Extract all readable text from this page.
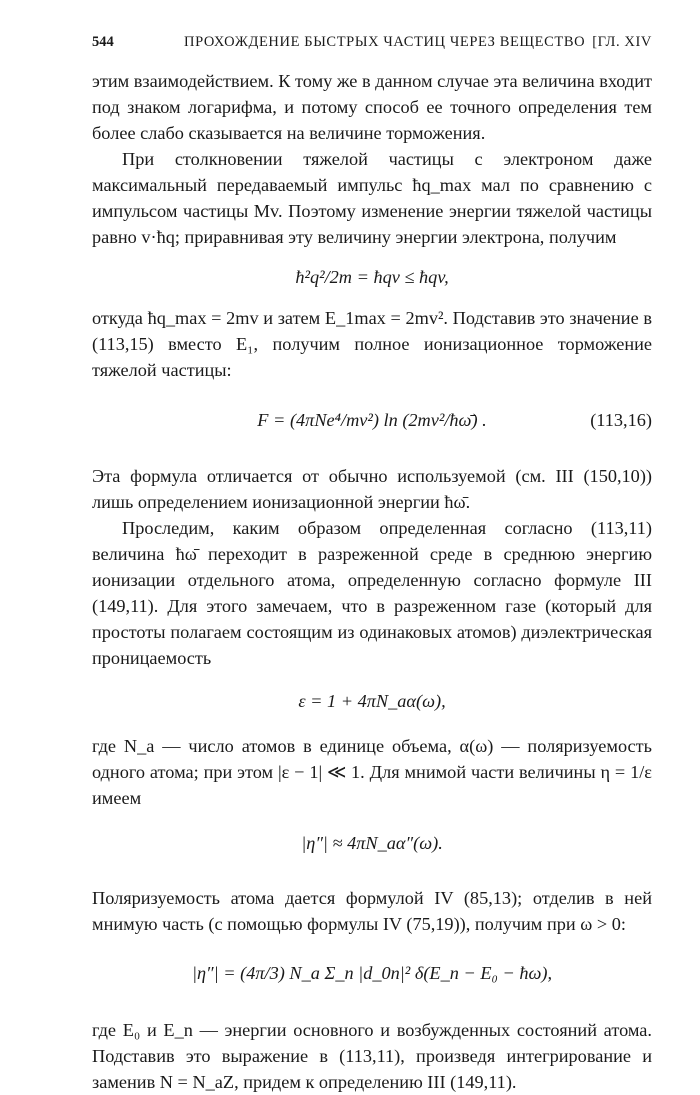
544	ПРОХОЖДЕНИЕ БЫСТРЫХ ЧАСТИЦ ЧЕРЕЗ ВЕЩЕСТВО [ГЛ. XIV

этим взаимодействием. К тому же в данном случае эта величина входит под знаком логарифма, и потому способ ее точного определения тем более слабо сказывается на величине торможения.

При столкновении тяжелой частицы с электроном даже максимальный передаваемый импульс ħq_max мал по сравнению с импульсом частицы Mv. Поэтому изменение энергии тяжелой частицы равно v·ħq; приравнивая эту величину энергии электрона, получим

ħ²q²/2m = ħqv ≤ ħqv,

откуда ħq_max = 2mv и затем E_1max = 2mv². Подставив это значение в (113,15) вместо E₁, получим полное ионизационное торможение тяжелой частицы:

F = (4πNe⁴/mv²) ln (2mv²/ħω̄) .	(113,16)

Эта формула отличается от обычно используемой (см. III (150,10)) лишь определением ионизационной энергии ħω̄.

Проследим, каким образом определенная согласно (113,11) величина ħω̄ переходит в разреженной среде в среднюю энергию ионизации отдельного атома, определенную согласно формуле III (149,11). Для этого замечаем, что в разреженном газе (который для простоты полагаем состоящим из одинаковых атомов) диэлектрическая проницаемость

ε = 1 + 4πN_aα(ω),

где N_a — число атомов в единице объема, α(ω) — поляризуемость одного атома; при этом |ε − 1| ≪ 1. Для мнимой части величины η = 1/ε имеем

|η″| ≈ 4πN_aα″(ω).

Поляризуемость атома дается формулой IV (85,13); отделив в ней мнимую часть (с помощью формулы IV (75,19)), получим при ω > 0:

|η″| = (4π/3) N_a Σ_n |d_0n|² δ(E_n − E₀ − ħω),

где E₀ и E_n — энергии основного и возбужденных состояний атома. Подставив это выражение в (113,11), произведя интегрирование и заменив N = N_aZ, придем к определению III (149,11).
